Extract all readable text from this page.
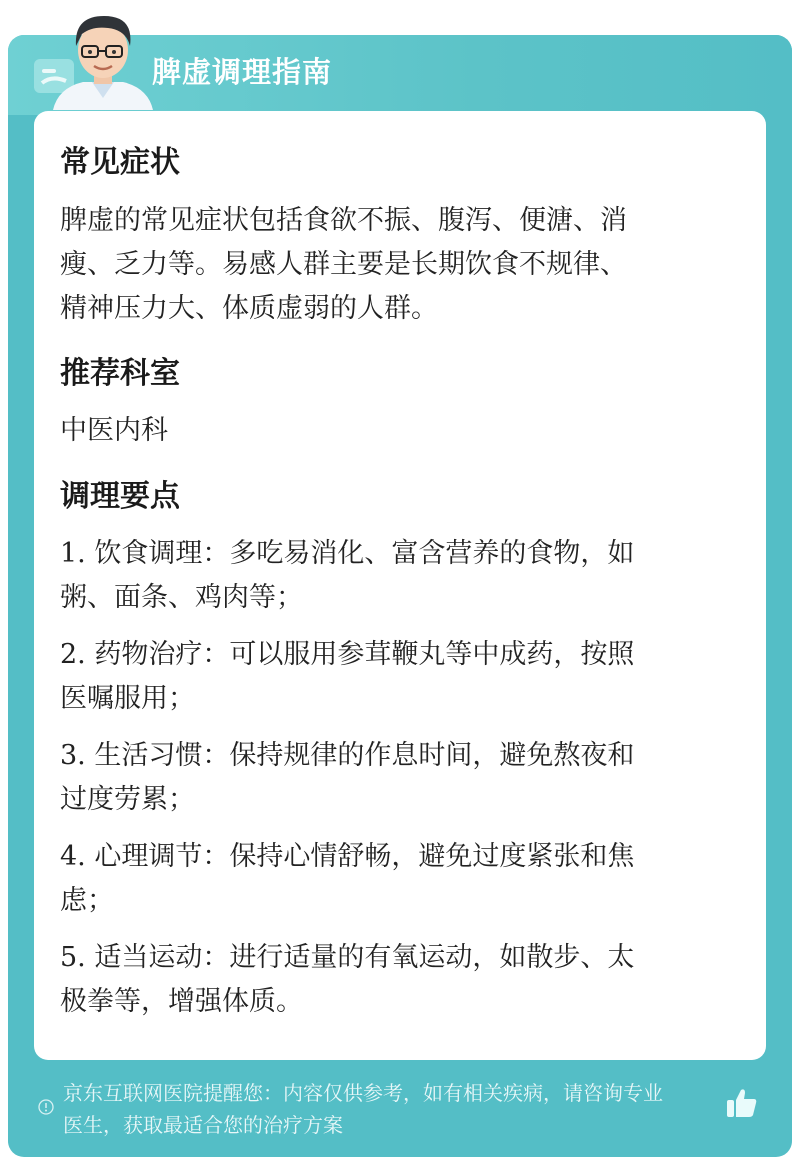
脾虚调理指南
常见症状
脾虚的常见症状包括食欲不振、腹泻、便溏、消
瘦、乏力等。易感人群主要是长期饮食不规律、
精神压力大、体质虚弱的人群。
推荐科室
中医内科
调理要点
1. 饮食调理：多吃易消化、富含营养的食物，如
粥、面条、鸡肉等；
2. 药物治疗：可以服用参茸鞭丸等中成药，按照
医嘱服用；
3. 生活习惯：保持规律的作息时间，避免熬夜和
过度劳累；
4. 心理调节：保持心情舒畅，避免过度紧张和焦
虑；
5. 适当运动：进行适量的有氧运动，如散步、太
极拳等，增强体质。
京东互联网医院提醒您：内容仅供参考，如有相关疾病，请咨询专业
医生，获取最适合您的治疗方案
